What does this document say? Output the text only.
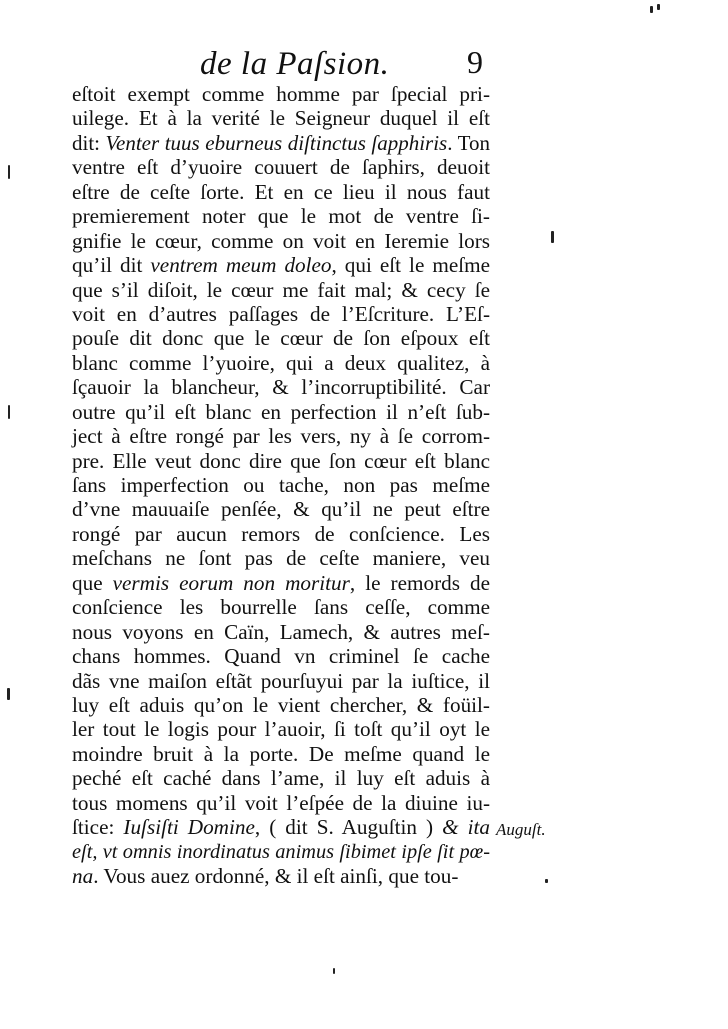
de la Paſsion. 9
eſtoit exempt comme homme par ſpecial pri-
uilege. Et à la verité le Seigneur duquel il eſt
dit: Venter tuus eburneus diſtinctus ſapphiris. Ton
ventre eſt d’yuoire couuert de ſaphirs, deuoit
eſtre de ceſte ſorte. Et en ce lieu il nous faut
premierement noter que le mot de ventre ſi-
gnifie le cœur, comme on voit en Ieremie lors
qu’il dit ventrem meum doleo, qui eſt le meſme
que s’il diſoit, le cœur me fait mal; & cecy ſe
voit en d’autres paſſages de l’Eſcriture. L’Eſ-
pouſe dit donc que le cœur de ſon eſpoux eſt
blanc comme l’yuoire, qui a deux qualitez, à
ſçauoir la blancheur, & l’incorruptibilité. Car
outre qu’il eſt blanc en perfection il n’eſt ſub-
ject à eſtre rongé par les vers, ny à ſe corrom-
pre. Elle veut donc dire que ſon cœur eſt blanc
ſans imperfection ou tache, non pas meſme
d’vne mauuaiſe penſée, & qu’il ne peut eſtre
rongé par aucun remors de conſcience. Les
meſchans ne ſont pas de ceſte maniere, veu
que vermis eorum non moritur, le remords de
conſcience les bourrelle ſans ceſſe, comme
nous voyons en Caïn, Lamech, & autres meſ-
chans hommes. Quand vn criminel ſe cache
dãs vne maiſon eſtãt pourſuyui par la iuſtice, il
luy eſt aduis qu’on le vient chercher, & foüil-
ler tout le logis pour l’auoir, ſi toſt qu’il oyt le
moindre bruit à la porte. De meſme quand le
peché eſt caché dans l’ame, il luy eſt aduis à
tous momens qu’il voit l’eſpée de la diuine iu-
ſtice: Iuſsiſti Domine, ( dit S. Auguſtin ) & ita
eſt, vt omnis inordinatus animus ſibimet ipſe ſit pœ-
na. Vous auez ordonné, & il eſt ainſi, que tou-
Auguſt.
